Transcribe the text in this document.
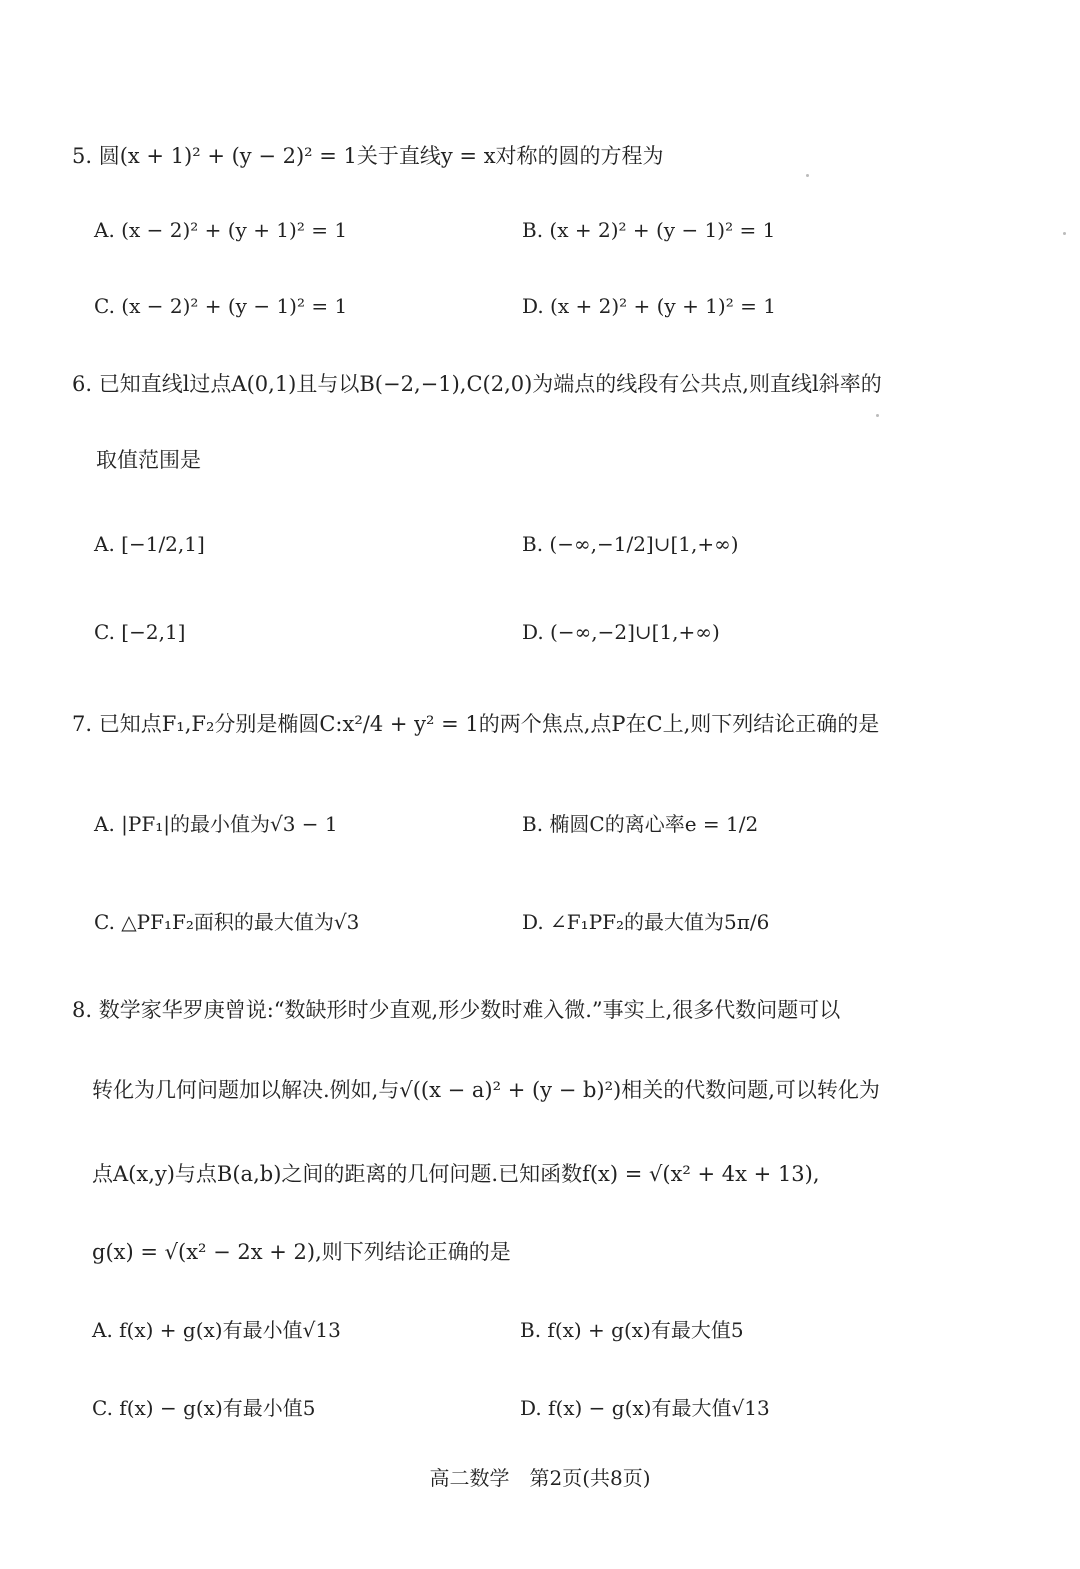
5. 圆(x + 1)² + (y − 2)² = 1关于直线y = x对称的圆的方程为
A. (x − 2)² + (y + 1)² = 1	B. (x + 2)² + (y − 1)² = 1
C. (x − 2)² + (y − 1)² = 1	D. (x + 2)² + (y + 1)² = 1
6. 已知直线l过点A(0,1)且与以B(−2,−1),C(2,0)为端点的线段有公共点,则直线l斜率的
取值范围是
A. [−1/2,1]	B. (−∞,−1/2]∪[1,+∞)
C. [−2,1]	D. (−∞,−2]∪[1,+∞)
7. 已知点F₁,F₂分别是椭圆C:x²/4 + y² = 1的两个焦点,点P在C上,则下列结论正确的是
A. |PF₁|的最小值为√3 − 1	B. 椭圆C的离心率e = 1/2
C. △PF₁F₂面积的最大值为√3	D. ∠F₁PF₂的最大值为5π/6
8. 数学家华罗庚曾说:“数缺形时少直观,形少数时难入微.”事实上,很多代数问题可以
转化为几何问题加以解决.例如,与√((x − a)² + (y − b)²)相关的代数问题,可以转化为
点A(x,y)与点B(a,b)之间的距离的几何问题.已知函数f(x) = √(x² + 4x + 13),
g(x) = √(x² − 2x + 2),则下列结论正确的是
A. f(x) + g(x)有最小值√13	B. f(x) + g(x)有最大值5
C. f(x) − g(x)有最小值5	D. f(x) − g(x)有最大值√13
高二数学　第2页(共8页)
